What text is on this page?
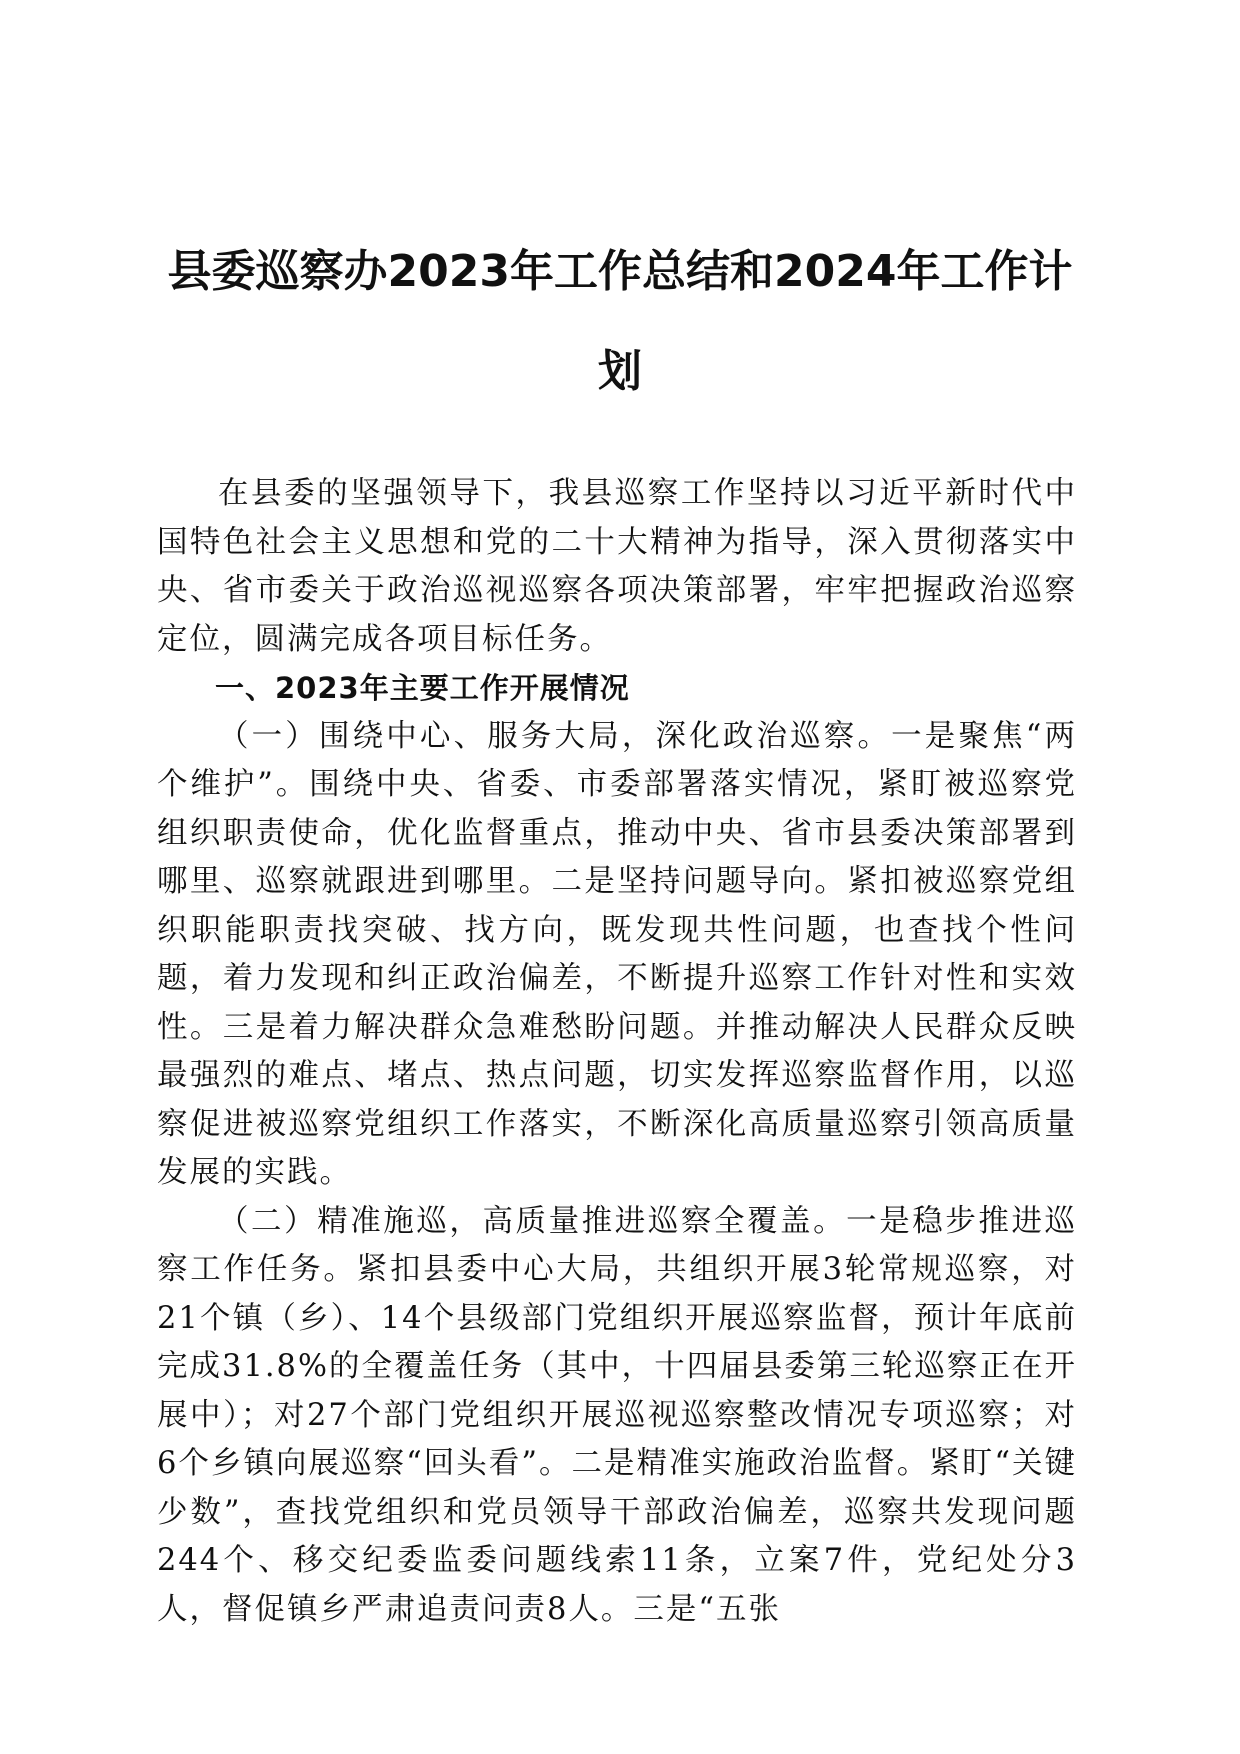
县委巡察办2023年工作总结和2024年工作计划

在县委的坚强领导下，我县巡察工作坚持以习近平新时代中国特色社会主义思想和党的二十大精神为指导，深入贯彻落实中央、省市委关于政治巡视巡察各项决策部署，牢牢把握政治巡察定位，圆满完成各项目标任务。

一、2023年主要工作开展情况

（一）围绕中心、服务大局，深化政治巡察。一是聚焦“两个维护”。围绕中央、省委、市委部署落实情况，紧盯被巡察党组织职责使命，优化监督重点，推动中央、省市县委决策部署到哪里、巡察就跟进到哪里。二是坚持问题导向。紧扣被巡察党组织职能职责找突破、找方向，既发现共性问题，也查找个性问题，着力发现和纠正政治偏差，不断提升巡察工作针对性和实效性。三是着力解决群众急难愁盼问题。并推动解决人民群众反映最强烈的难点、堵点、热点问题，切实发挥巡察监督作用，以巡察促进被巡察党组织工作落实，不断深化高质量巡察引领高质量发展的实践。

（二）精准施巡，高质量推进巡察全覆盖。一是稳步推进巡察工作任务。紧扣县委中心大局，共组织开展3轮常规巡察，对21个镇（乡）、14个县级部门党组织开展巡察监督，预计年底前完成31.8%的全覆盖任务（其中，十四届县委第三轮巡察正在开展中）；对27个部门党组织开展巡视巡察整改情况专项巡察；对6个乡镇向展巡察“回头看”。二是精准实施政治监督。紧盯“关键少数”，查找党组织和党员领导干部政治偏差，巡察共发现问题244个、移交纪委监委问题线索11条，立案7件，党纪处分3人，督促镇乡严肃追责问责8人。三是“五张
